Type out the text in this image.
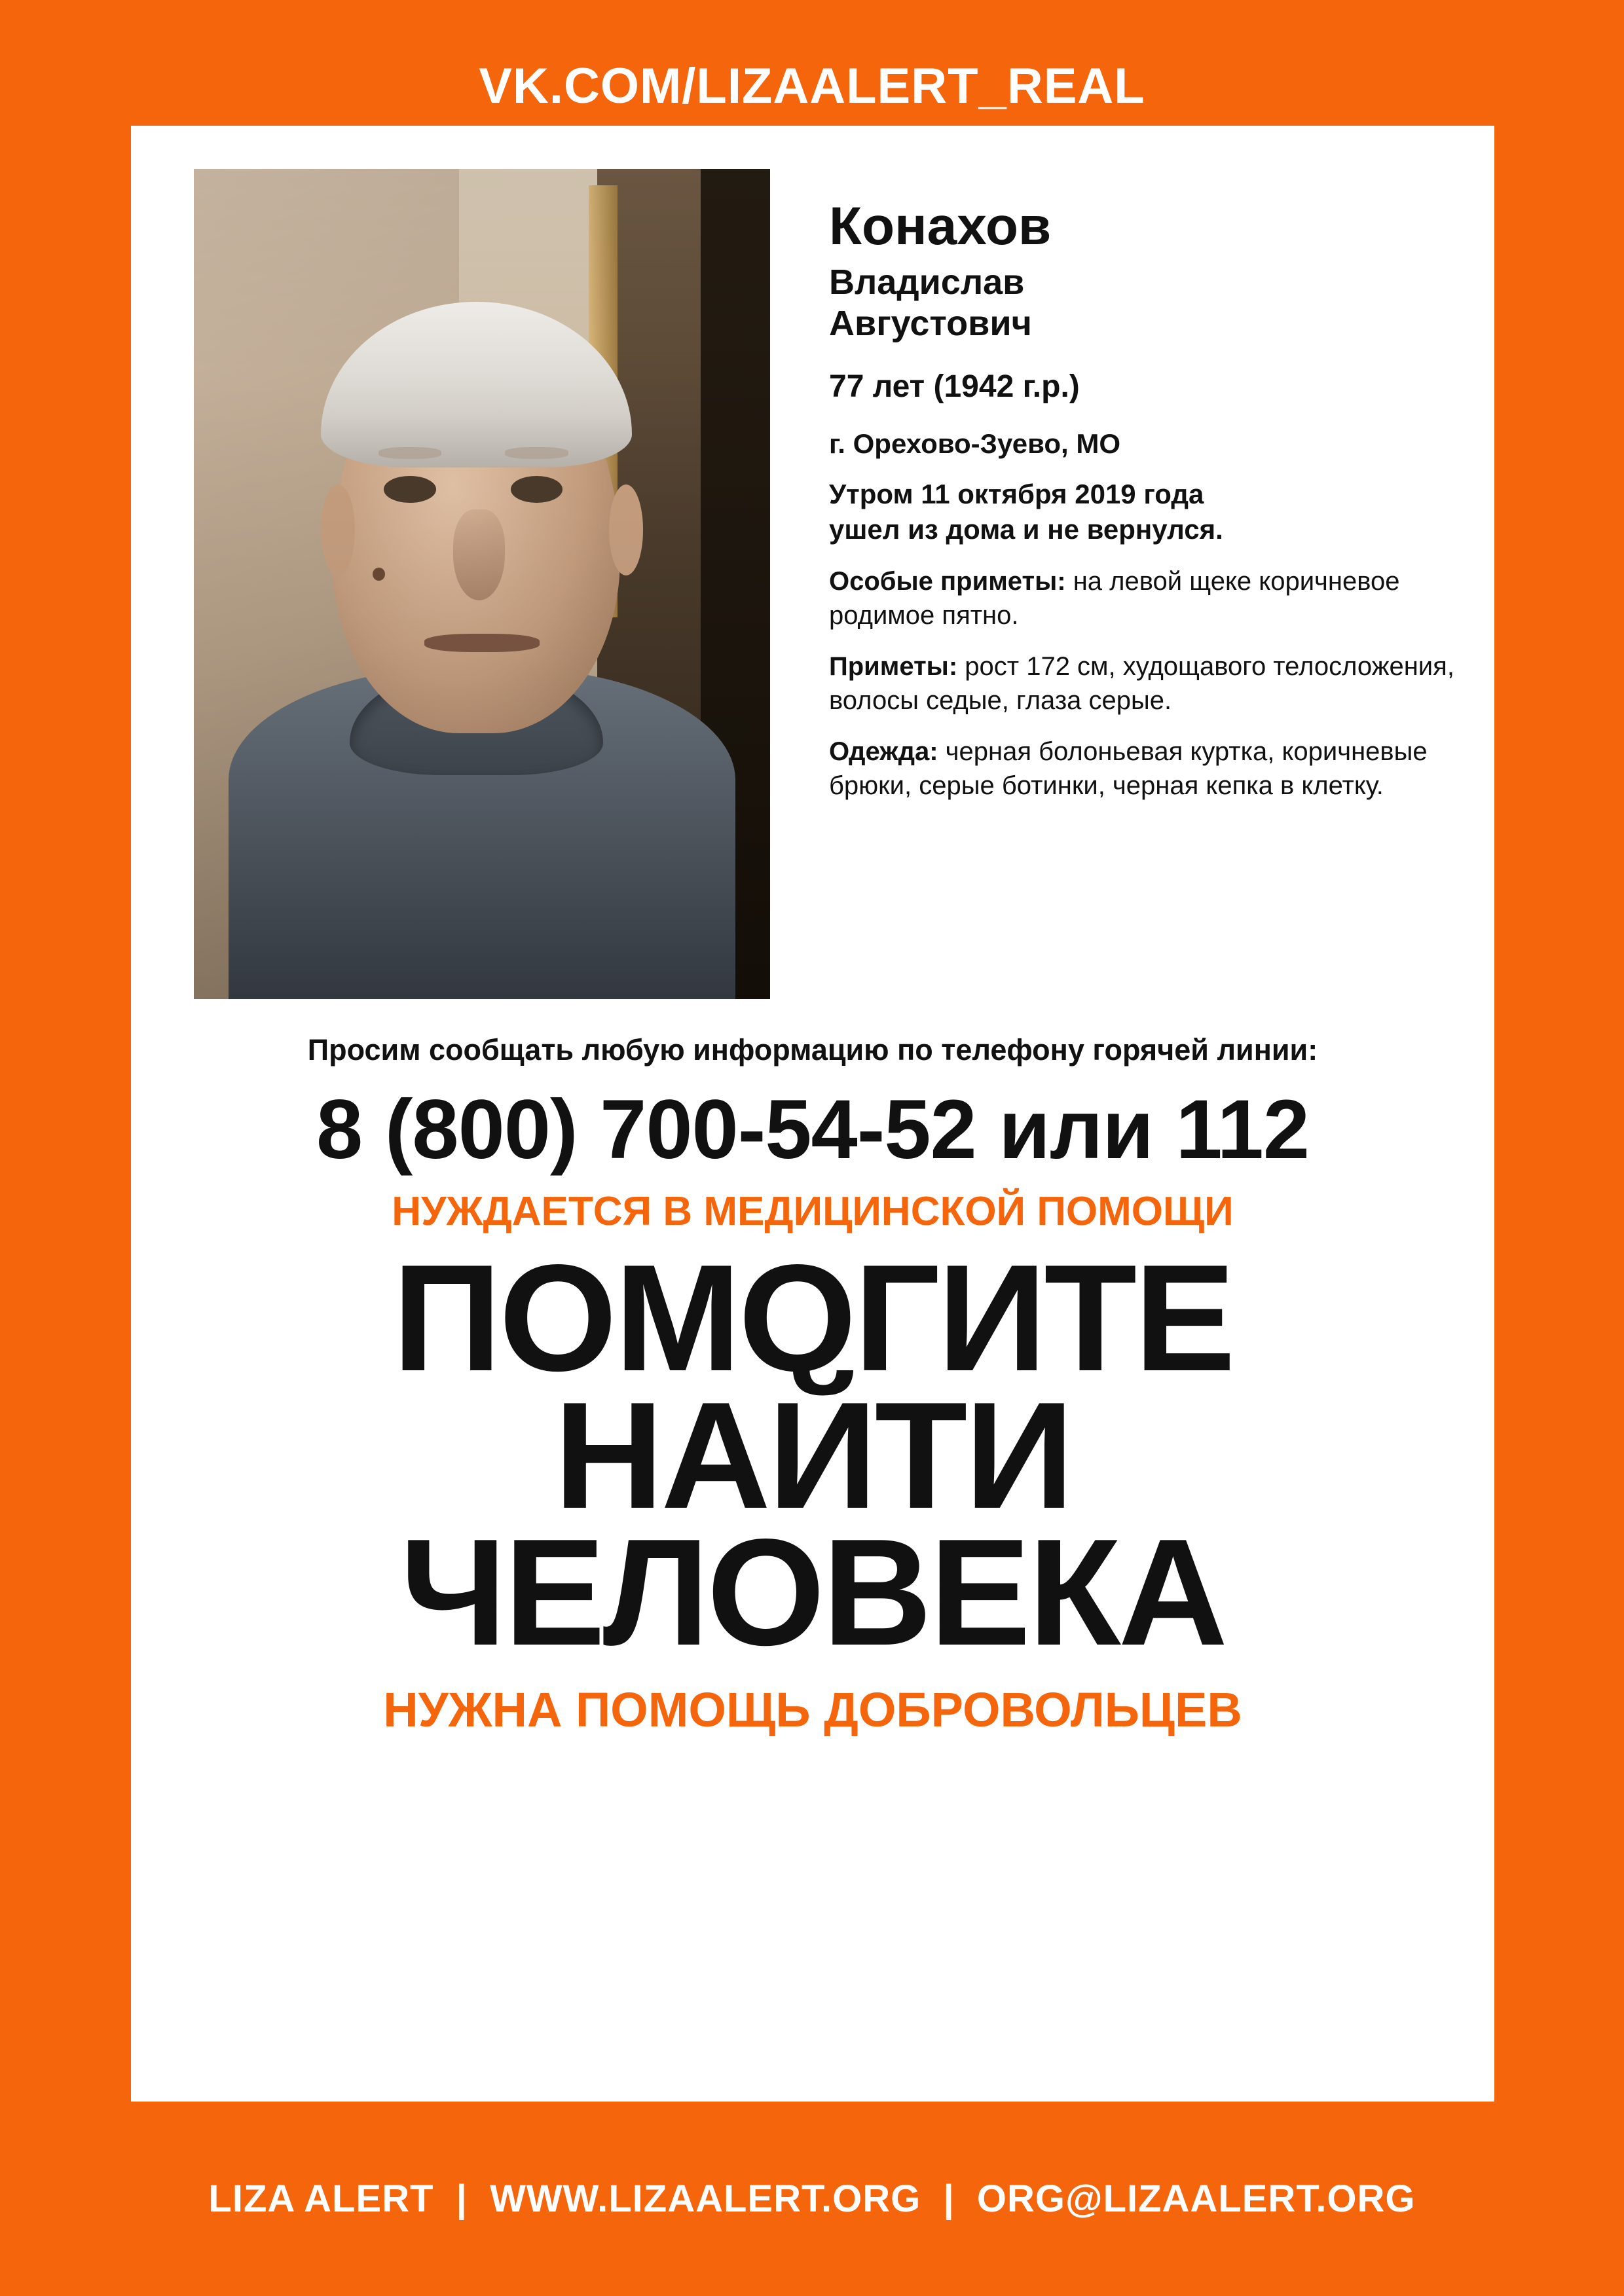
VK.COM/LIZAALERT_REAL
Конахов
Владислав
Августович
77 лет (1942 г.р.)
г. Орехово-Зуево, МО
Утром 11 октября 2019 года
ушел из дома и не вернулся.
Особые приметы: на левой щеке коричневое родимое пятно.
Приметы: рост 172 см, худощавого телосложения, волосы седые, глаза серые.
Одежда: черная болоньевая куртка, коричневые брюки, серые ботинки, черная кепка в клетку.
Просим сообщать любую информацию по телефону горячей линии:
8 (800) 700-54-52 или 112
НУЖДАЕТСЯ В МЕДИЦИНСКОЙ ПОМОЩИ
ПОМОГИТЕ
НАЙТИ
ЧЕЛОВЕКА
НУЖНА ПОМОЩЬ ДОБРОВОЛЬЦЕВ
LIZA ALERT | WWW.LIZAALERT.ORG | ORG@LIZAALERT.ORG
